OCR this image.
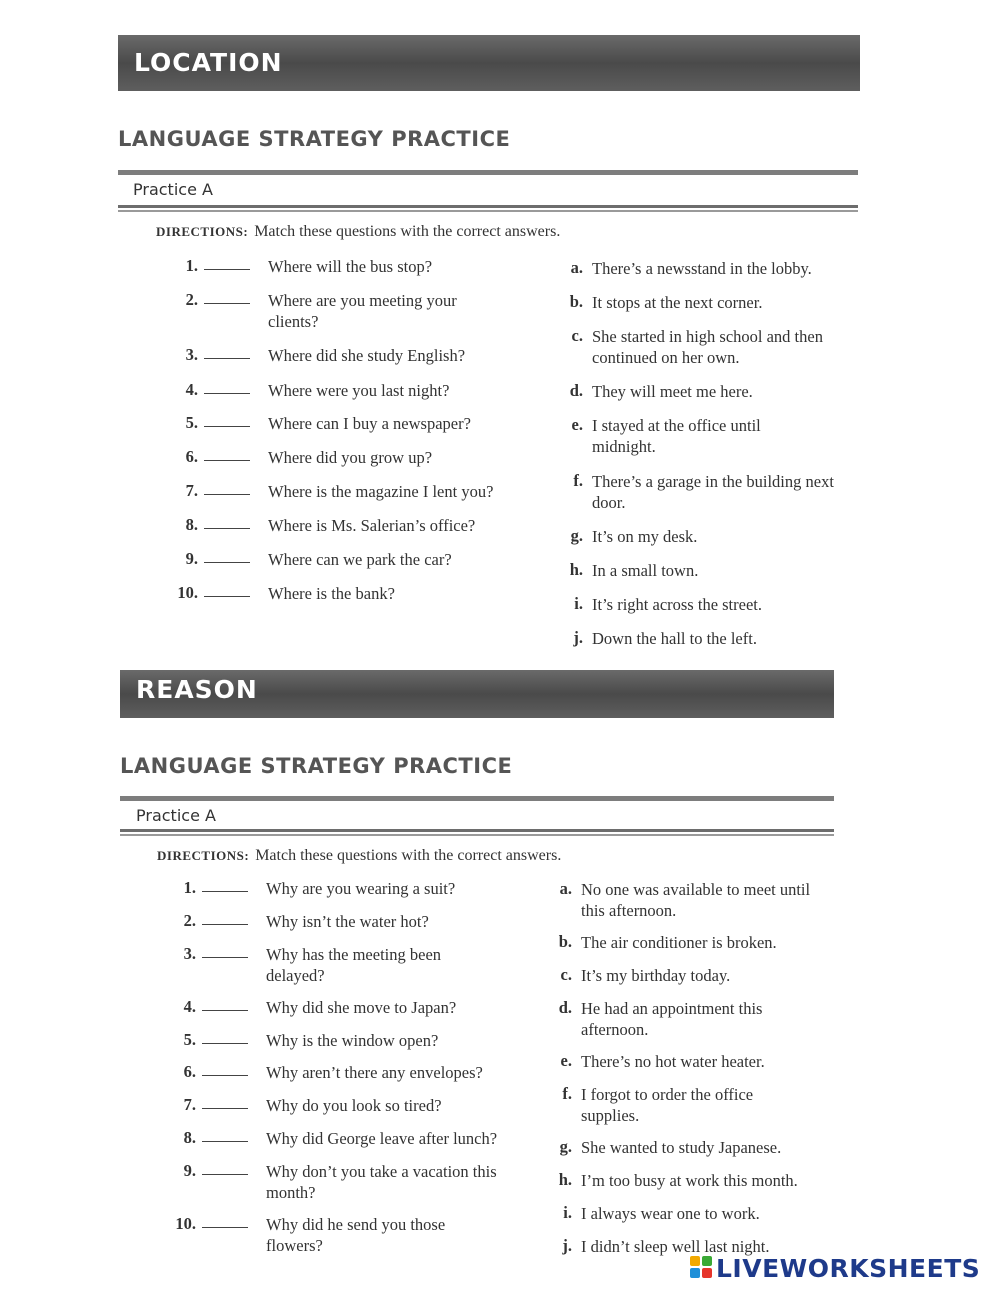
LOCATION
LANGUAGE STRATEGY PRACTICE
Practice A
DIRECTIONS: Match these questions with the correct answers.
1.	Where will the bus stop?
2.	Where are you meeting your clients?
3.	Where did she study English?
4.	Where were you last night?
5.	Where can I buy a newspaper?
6.	Where did you grow up?
7.	Where is the magazine I lent you?
8.	Where is Ms. Salerian’s office?
9.	Where can we park the car?
10.	Where is the bank?
a. There’s a newsstand in the lobby.
b. It stops at the next corner.
c. She started in high school and then continued on her own.
d. They will meet me here.
e. I stayed at the office until midnight.
f. There’s a garage in the building next door.
g. It’s on my desk.
h. In a small town.
i. It’s right across the street.
j. Down the hall to the left.
REASON
LANGUAGE STRATEGY PRACTICE
Practice A
DIRECTIONS: Match these questions with the correct answers.
1.	Why are you wearing a suit?
2.	Why isn’t the water hot?
3.	Why has the meeting been delayed?
4.	Why did she move to Japan?
5.	Why is the window open?
6.	Why aren’t there any envelopes?
7.	Why do you look so tired?
8.	Why did George leave after lunch?
9.	Why don’t you take a vacation this month?
10.	Why did he send you those flowers?
a. No one was available to meet until this afternoon.
b. The air conditioner is broken.
c. It’s my birthday today.
d. He had an appointment this afternoon.
e. There’s no hot water heater.
f. I forgot to order the office supplies.
g. She wanted to study Japanese.
h. I’m too busy at work this month.
i. I always wear one to work.
j. I didn’t sleep well last night.
LIVEWORKSHEETS
